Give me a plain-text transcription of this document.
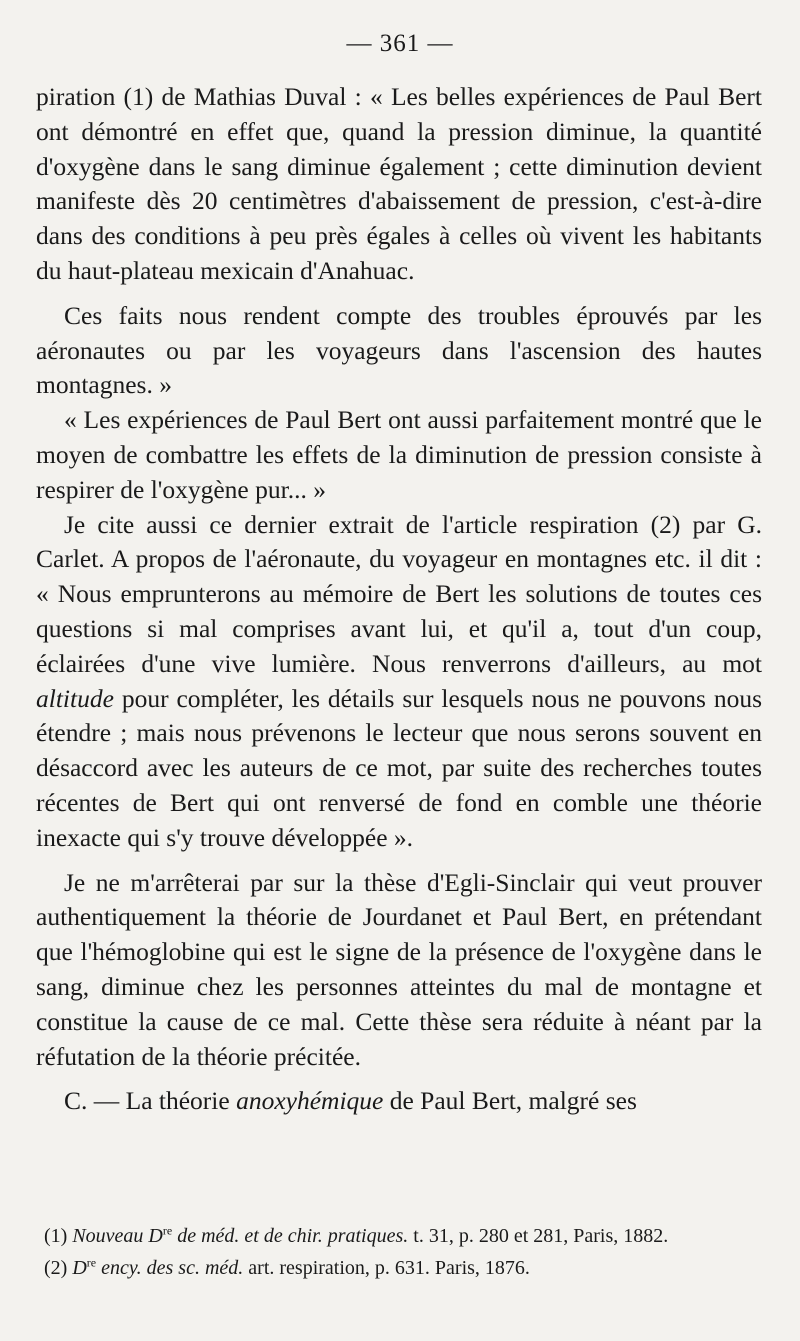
— 361 —

piration (1) de Mathias Duval : « Les belles expériences de Paul Bert ont démontré en effet que, quand la pression diminue, la quantité d'oxygène dans le sang diminue également ; cette diminution devient manifeste dès 20 centimètres d'abaissement de pression, c'est-à-dire dans des conditions à peu près égales à celles où vivent les habitants du haut-plateau mexicain d'Anahuac.

Ces faits nous rendent compte des troubles éprouvés par les aéronautes ou par les voyageurs dans l'ascension des hautes montagnes. »

« Les expériences de Paul Bert ont aussi parfaitement montré que le moyen de combattre les effets de la diminution de pression consiste à respirer de l'oxygène pur... »

Je cite aussi ce dernier extrait de l'article respiration (2) par G. Carlet. A propos de l'aéronaute, du voyageur en montagnes etc. il dit : « Nous emprunterons au mémoire de Bert les solutions de toutes ces questions si mal comprises avant lui, et qu'il a, tout d'un coup, éclairées d'une vive lumière. Nous renverrons d'ailleurs, au mot altitude pour compléter, les détails sur lesquels nous ne pouvons nous étendre ; mais nous prévenons le lecteur que nous serons souvent en désaccord avec les auteurs de ce mot, par suite des recherches toutes récentes de Bert qui ont renversé de fond en comble une théorie inexacte qui s'y trouve développée ».

Je ne m'arrêterai par sur la thèse d'Egli-Sinclair qui veut prouver authentiquement la théorie de Jourdanet et Paul Bert, en prétendant que l'hémoglobine qui est le signe de la présence de l'oxygène dans le sang, diminue chez les personnes atteintes du mal de montagne et constitue la cause de ce mal. Cette thèse sera réduite à néant par la réfutation de la théorie précitée.

C. — La théorie anoxyhémique de Paul Bert, malgré ses

(1) Nouveau Dre de méd. et de chir. pratiques. t. 31, p. 280 et 281, Paris, 1882.

(2) Dre ency. des sc. méd. art. respiration, p. 631. Paris, 1876.
